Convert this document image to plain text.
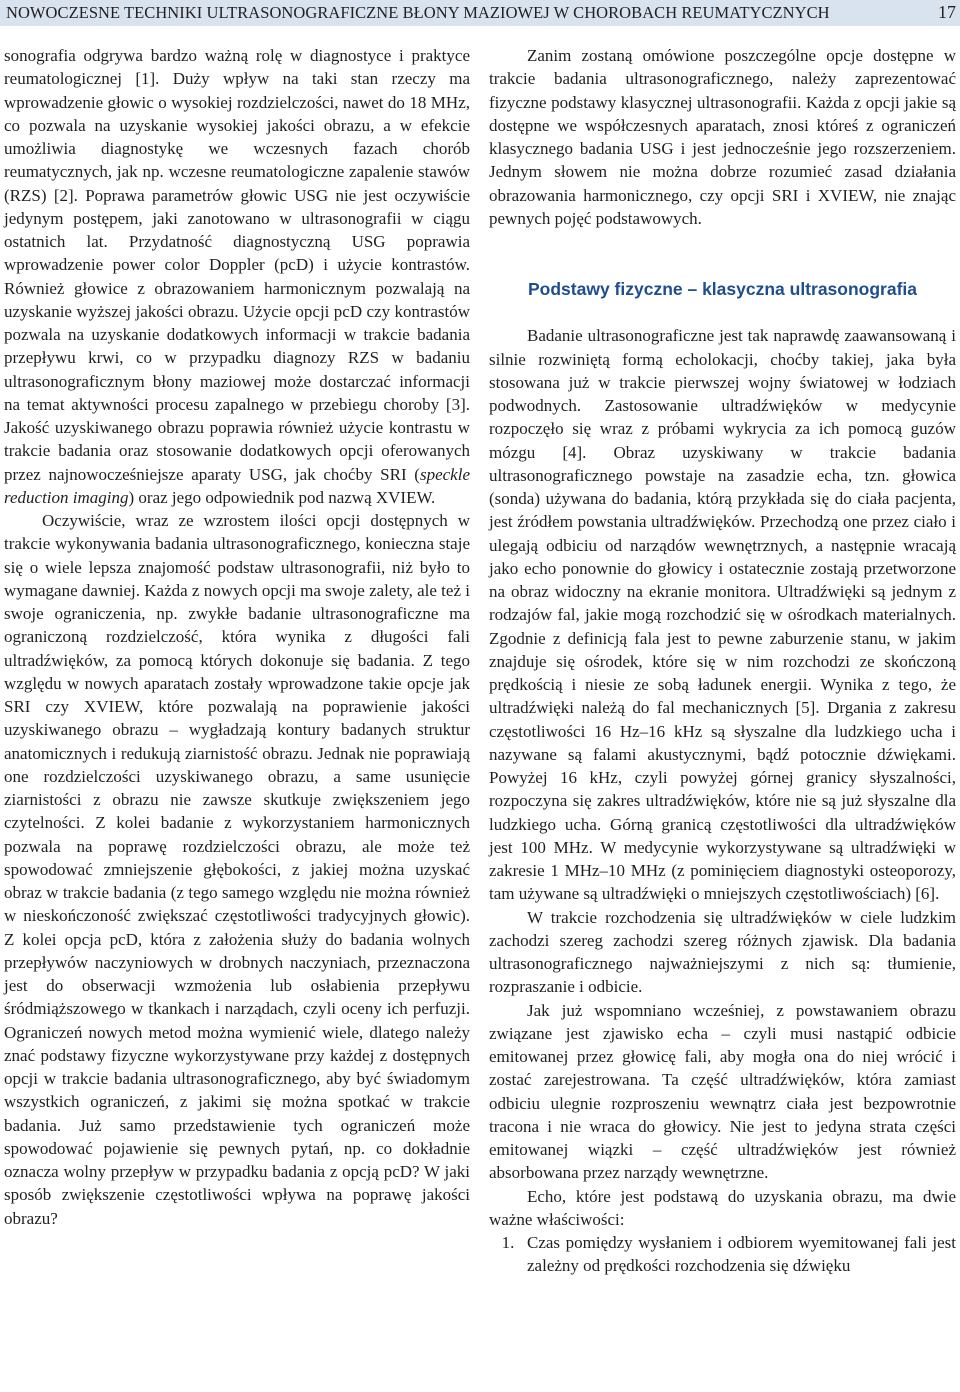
NOWOCZESNE TECHNIKI ULTRASONOGRAFICZNE BŁONY MAZIOWEJ W CHOROBACH REUMATYCZNYCH	17

sonografia odgrywa bardzo ważną rolę w diagnostyce i praktyce reumatologicznej [1]. Duży wpływ na taki stan rzeczy ma wprowadzenie głowic o wysokiej rozdzielczości, nawet do 18 MHz, co pozwala na uzyskanie wysokiej jakości obrazu, a w efekcie umożliwia diagnostykę we wczesnych fazach chorób reumatycznych, jak np. wczesne reumatologiczne zapalenie stawów (RZS) [2]. Poprawa parametrów głowic USG nie jest oczywiście jedynym postępem, jaki zanotowano w ultrasonografii w ciągu ostatnich lat. Przydatność diagnostyczną USG poprawia wprowadzenie power color Doppler (pcD) i użycie kontrastów. Również głowice z obrazowaniem harmonicznym pozwalają na uzyskanie wyższej jakości obrazu. Użycie opcji pcD czy kontrastów pozwala na uzyskanie dodatkowych informacji w trakcie badania przepływu krwi, co w przypadku diagnozy RZS w badaniu ultrasonograficznym błony maziowej może dostarczać informacji na temat aktywności procesu zapalnego w przebiegu choroby [3]. Jakość uzyskiwanego obrazu poprawia również użycie kontrastu w trakcie badania oraz stosowanie dodatkowych opcji oferowanych przez najnowocześniejsze aparaty USG, jak choćby SRI (speckle reduction imaging) oraz jego odpowiednik pod nazwą XVIEW.

Oczywiście, wraz ze wzrostem ilości opcji dostępnych w trakcie wykonywania badania ultrasonograficznego, konieczna staje się o wiele lepsza znajomość podstaw ultrasonografii, niż było to wymagane dawniej. Każda z nowych opcji ma swoje zalety, ale też i swoje ograniczenia, np. zwykłe badanie ultrasonograficzne ma ograniczoną rozdzielczość, która wynika z długości fali ultradźwięków, za pomocą których dokonuje się badania. Z tego względu w nowych aparatach zostały wprowadzone takie opcje jak SRI czy XVIEW, które pozwalają na poprawienie jakości uzyskiwanego obrazu – wygładzają kontury badanych struktur anatomicznych i redukują ziarnistość obrazu. Jednak nie poprawiają one rozdzielczości uzyskiwanego obrazu, a same usunięcie ziarnistości z obrazu nie zawsze skutkuje zwiększeniem jego czytelności. Z kolei badanie z wykorzystaniem harmonicznych pozwala na poprawę rozdzielczości obrazu, ale może też spowodować zmniejszenie głębokości, z jakiej można uzyskać obraz w trakcie badania (z tego samego względu nie można również w nieskończoność zwiększać częstotliwości tradycyjnych głowic). Z kolei opcja pcD, która z założenia służy do badania wolnych przepływów naczyniowych w drobnych naczyniach, przeznaczona jest do obserwacji wzmożenia lub osłabienia przepływu śródmiąższowego w tkankach i narządach, czyli oceny ich perfuzji. Ograniczeń nowych metod można wymienić wiele, dlatego należy znać podstawy fizyczne wykorzystywane przy każdej z dostępnych opcji w trakcie badania ultrasonograficznego, aby być świadomym wszystkich ograniczeń, z jakimi się można spotkać w trakcie badania. Już samo przedstawienie tych ograniczeń może spowodować pojawienie się pewnych pytań, np. co dokładnie oznacza wolny przepływ w przypadku badania z opcją pcD? W jaki sposób zwiększenie częstotliwości wpływa na poprawę jakości obrazu?

Zanim zostaną omówione poszczególne opcje dostępne w trakcie badania ultrasonograficznego, należy zaprezentować fizyczne podstawy klasycznej ultrasonografii. Każda z opcji jakie są dostępne we współczesnych aparatach, znosi któreś z ograniczeń klasycznego badania USG i jest jednocześnie jego rozszerzeniem. Jednym słowem nie można dobrze rozumieć zasad działania obrazowania harmonicznego, czy opcji SRI i XVIEW, nie znając pewnych pojęć podstawowych.

Podstawy fizyczne – klasyczna ultrasonografia

Badanie ultrasonograficzne jest tak naprawdę zaawansowaną i silnie rozwiniętą formą echolokacji, choćby takiej, jaka była stosowana już w trakcie pierwszej wojny światowej w łodziach podwodnych. Zastosowanie ultradźwięków w medycynie rozpoczęło się wraz z próbami wykrycia za ich pomocą guzów mózgu [4]. Obraz uzyskiwany w trakcie badania ultrasonograficznego powstaje na zasadzie echa, tzn. głowica (sonda) używana do badania, którą przykłada się do ciała pacjenta, jest źródłem powstania ultradźwięków. Przechodzą one przez ciało i ulegają odbiciu od narządów wewnętrznych, a następnie wracają jako echo ponownie do głowicy i ostatecznie zostają przetworzone na obraz widoczny na ekranie monitora. Ultradźwięki są jednym z rodzajów fal, jakie mogą rozchodzić się w ośrodkach materialnych. Zgodnie z definicją fala jest to pewne zaburzenie stanu, w jakim znajduje się ośrodek, które się w nim rozchodzi ze skończoną prędkością i niesie ze sobą ładunek energii. Wynika z tego, że ultradźwięki należą do fal mechanicznych [5]. Drgania z zakresu częstotliwości 16 Hz–16 kHz są słyszalne dla ludzkiego ucha i nazywane są falami akustycznymi, bądź potocznie dźwiękami. Powyżej 16 kHz, czyli powyżej górnej granicy słyszalności, rozpoczyna się zakres ultradźwięków, które nie są już słyszalne dla ludzkiego ucha. Górną granicą częstotliwości dla ultradźwięków jest 100 MHz. W medycynie wykorzystywane są ultradźwięki w zakresie 1 MHz–10 MHz (z pominięciem diagnostyki osteoporozy, tam używane są ultradźwięki o mniejszych częstotliwościach) [6].

W trakcie rozchodzenia się ultradźwięków w ciele ludzkim zachodzi szereg zachodzi szereg różnych zjawisk. Dla badania ultrasonograficznego najważniejszymi z nich są: tłumienie, rozpraszanie i odbicie.

Jak już wspomniano wcześniej, z powstawaniem obrazu związane jest zjawisko echa – czyli musi nastąpić odbicie emitowanej przez głowicę fali, aby mogła ona do niej wrócić i zostać zarejestrowana. Ta część ultradźwięków, która zamiast odbiciu ulegnie rozproszeniu wewnątrz ciała jest bezpowrotnie tracona i nie wraca do głowicy. Nie jest to jedyna strata części emitowanej wiązki – część ultradźwięków jest również absorbowana przez narządy wewnętrzne.

Echo, które jest podstawą do uzyskania obrazu, ma dwie ważne właściwości:

1. Czas pomiędzy wysłaniem i odbiorem wyemitowanej fali jest zależny od prędkości rozchodzenia się dźwięku
